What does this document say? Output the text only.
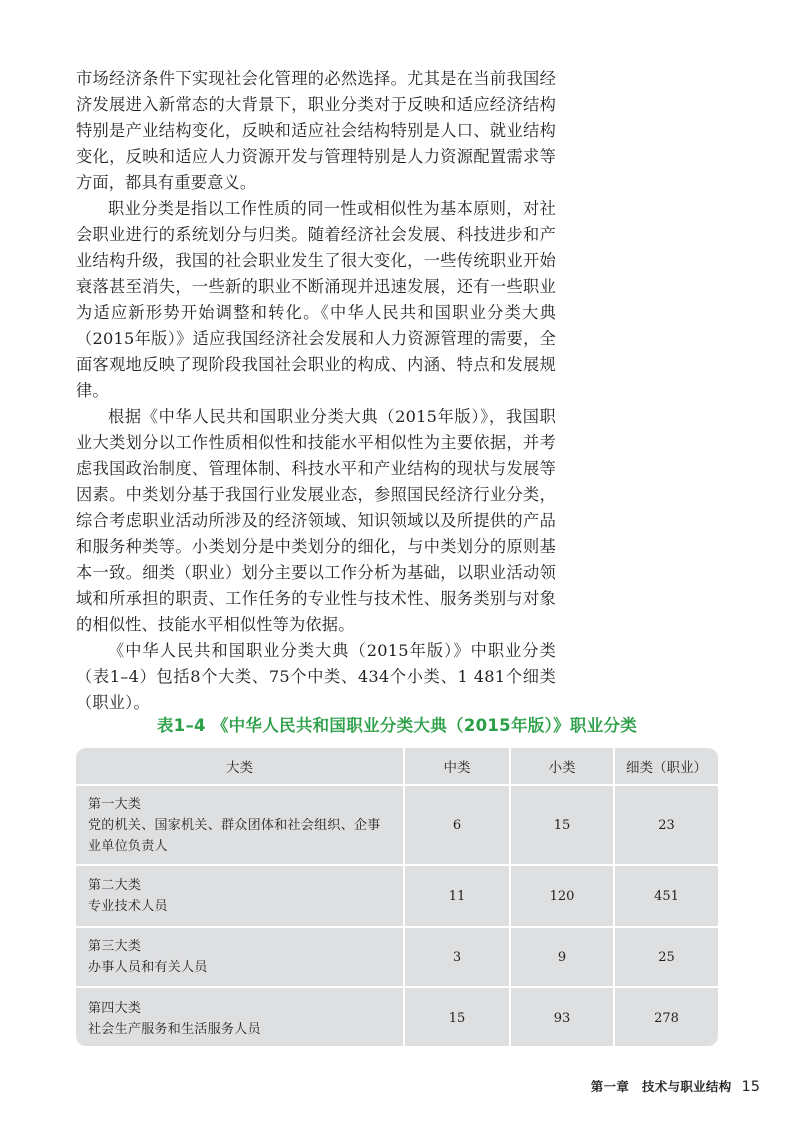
市场经济条件下实现社会化管理的必然选择。尤其是在当前我国经济发展进入新常态的大背景下，职业分类对于反映和适应经济结构特别是产业结构变化，反映和适应社会结构特别是人口、就业结构变化，反映和适应人力资源开发与管理特别是人力资源配置需求等方面，都具有重要意义。

职业分类是指以工作性质的同一性或相似性为基本原则，对社会职业进行的系统划分与归类。随着经济社会发展、科技进步和产业结构升级，我国的社会职业发生了很大变化，一些传统职业开始衰落甚至消失，一些新的职业不断涌现并迅速发展，还有一些职业为适应新形势开始调整和转化。《中华人民共和国职业分类大典（2015年版）》适应我国经济社会发展和人力资源管理的需要，全面客观地反映了现阶段我国社会职业的构成、内涵、特点和发展规律。

根据《中华人民共和国职业分类大典（2015年版）》，我国职业大类划分以工作性质相似性和技能水平相似性为主要依据，并考虑我国政治制度、管理体制、科技水平和产业结构的现状与发展等因素。中类划分基于我国行业发展业态，参照国民经济行业分类，综合考虑职业活动所涉及的经济领域、知识领域以及所提供的产品和服务种类等。小类划分是中类划分的细化，与中类划分的原则基本一致。细类（职业）划分主要以工作分析为基础，以职业活动领域和所承担的职责、工作任务的专业性与技术性、服务类别与对象的相似性、技能水平相似性等为依据。

《中华人民共和国职业分类大典（2015年版）》中职业分类（表1–4）包括8个大类、75个中类、434个小类、1 481个细类（职业）。

表1–4 《中华人民共和国职业分类大典（2015年版）》职业分类
大类	中类	小类	细类（职业）

第一大类
党的机关、国家机关、群众团体和社会组织、企事业单位负责人	6	15	23

第二大类
专业技术人员	11	120	451

第三大类
办事人员和有关人员	3	9	25

第四大类
社会生产服务和生活服务人员	15	93	278
第一章　技术与职业结构 15
